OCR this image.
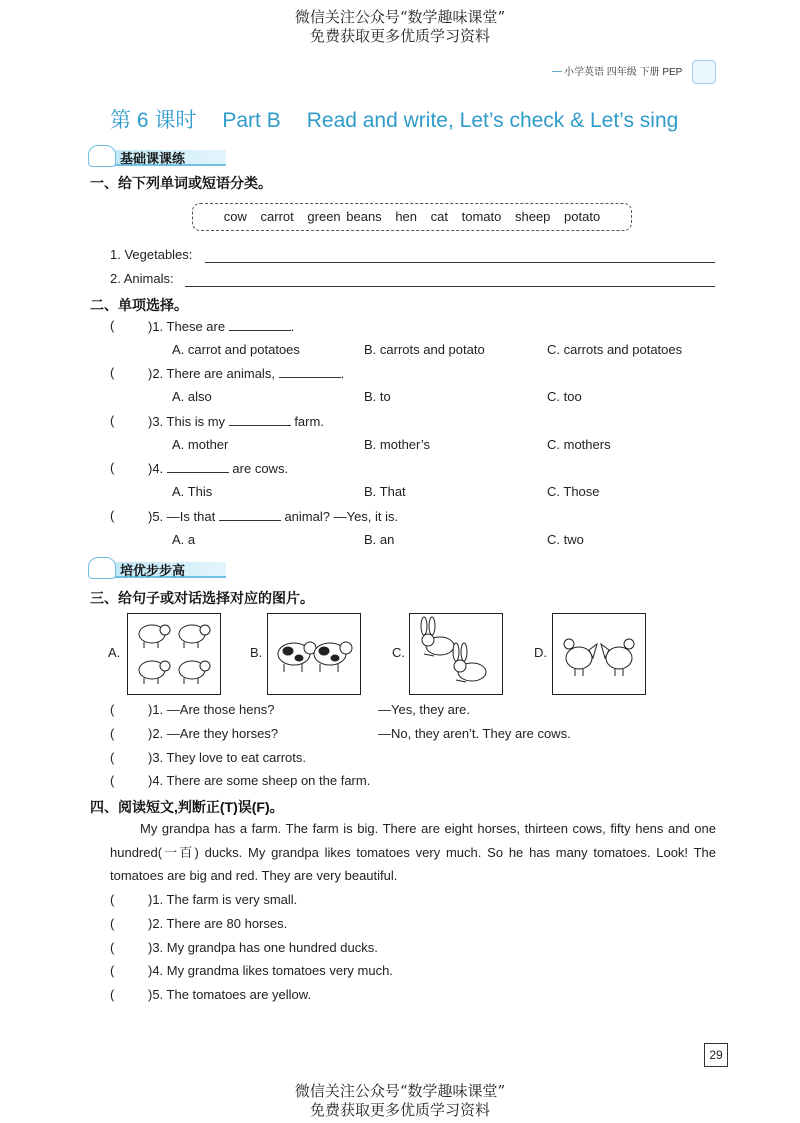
微信关注公众号“数学趣味课堂”
免费获取更多优质学习资料
小学英语 四年级 下册 PEP
第 6 课时 Part B Read and write, Let’s check & Let’s sing
基础课课练
一、给下列单词或短语分类。
cow carrot green beans hen cat tomato sheep potato
1. Vegetables:
2. Animals:
二、单项选择。
(	)1. These are	.
A. carrot and potatoes	B. carrots and potato	C. carrots and potatoes
(	)2. There are animals,	.
A. also	B. to	C. too
(	)3. This is my	farm.
A. mother	B. mother’s	C. mothers
(	)4.	are cows.
A. This	B. That	C. Those
(	)5. —Is that	animal? —Yes, it is.
A. a	B. an	C. two
培优步步高
三、给句子或对话选择对应的图片。
A.	B.	C.	D.
(	)1. —Are those hens?	—Yes, they are.
(	)2. —Are they horses?	—No, they aren’t. They are cows.
(	)3. They love to eat carrots.
(	)4. There are some sheep on the farm.
四、阅读短文,判断正(T)误(F)。
My grandpa has a farm. The farm is big. There are eight horses, thirteen cows, fifty hens and one hundred(一百) ducks. My grandpa likes tomatoes very much. So he has many tomatoes. Look! The tomatoes are big and red. They are very beautiful.
(	)1. The farm is very small.
(	)2. There are 80 horses.
(	)3. My grandpa has one hundred ducks.
(	)4. My grandma likes tomatoes very much.
(	)5. The tomatoes are yellow.
29
微信关注公众号“数学趣味课堂”
免费获取更多优质学习资料
